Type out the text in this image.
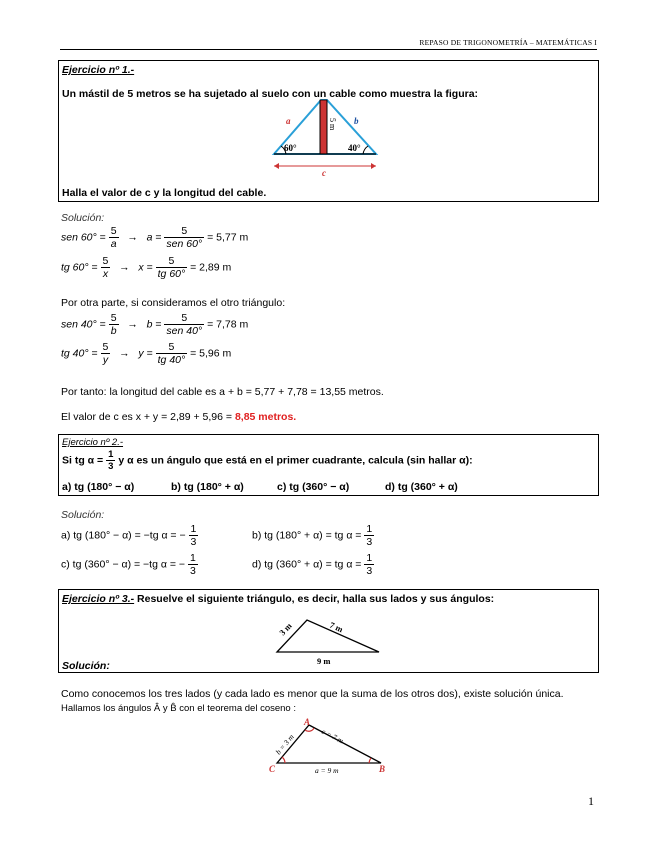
REPASO DE TRIGONOMETRÍA – MATEMÁTICAS I
Ejercicio nº 1.-
Un mástil de 5 metros se ha sujetado al suelo con un cable como muestra la figura:
a	b
5 m
60°	40°
c
Halla el valor de c y la longitud del cable.
Solución:
sen $60^\circ = \frac{5}{a} \to a = \frac{5}{\text{sen 60°}} = 5,77$ m
tg $60^\circ = \frac{5}{x} \to x = \frac{5}{tg 60^\circ} = 2,89$ m
Por otra parte, si consideramos el otro triángulo:
sen $40^\circ = \frac{5}{b} \to b = \frac{5}{\text{sen 40°}} = 7,78$ m
tg $40^\circ = \frac{5}{y} \to y = \frac{5}{tg 40^\circ} = 5,96$ m
Por tanto: la longitud del cable es a + b = 5,77 + 7,78 = 13,55 metros.
El valor de c es x + y = 2,89 + 5,96 = 8,85 metros.
Ejercicio nº 2.-
Si tg $\alpha = \frac{1}{3}$ y α es un ángulo que está en el primer cuadrante, calcula (sin hallar α):
a) tg (180° − α)	b) tg (180° + α)	c) tg (360° − α)	d) tg (360° + α)
Solución:
a) tg (180° − α) = −tg α = − $\frac{1}{3}$	b) tg (180° + α) = tg $\alpha = \frac{1}{3}$
c) tg (360° − α) = −tg α = − $\frac{1}{3}$	d) tg (360° + α) = tg $\alpha = \frac{1}{3}$
Ejercicio nº 3.- Resuelve el siguiente triángulo, es decir, halla sus lados y sus ángulos:
3 m	7 m
9 m
Solución:
Como conocemos los tres lados (y cada lado es menor que la suma de los otros dos), existe solución única.
Hallamos los ángulos Â y B̂ con el teorema del coseno :
A
B
C
b = 3 m	c = 7 m
a = 9 m
1
